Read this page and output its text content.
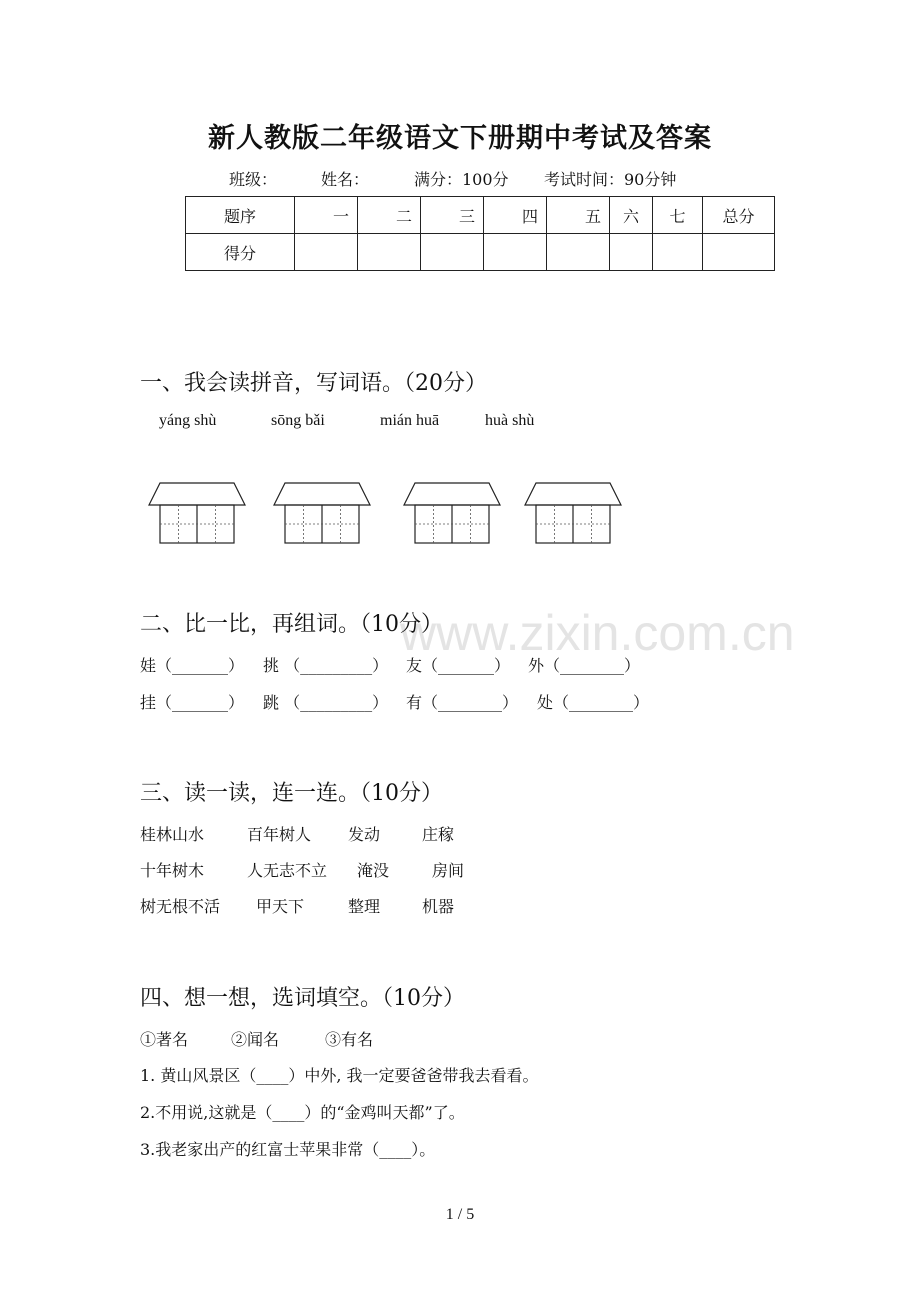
www.zixin.com.cn
新人教版二年级语文下册期中考试及答案
班级：	姓名：	满分：100分 考试时间：90分钟
题序	一	二	三	四	五	六	七	总分
得分								
一、我会读拼音，写词语。（20分）
yáng shù	sōng bǎi	mián huā	huà shù
二、比一比，再组词。（10分）
娃（_______） 挑 （_________） 友（_______） 外（________）
挂（_______） 跳 （_________） 有（________） 处（________）
三、读一读，连一连。（10分）
桂林山水	百年树人 发动	庄稼
十年树木	人无志不立 淹没	房间
树无根不活 甲天下	整理	机器
四、想一想，选词填空。（10分）
①著名	②闻名	③有名
1. 黄山风景区（____）中外, 我一定要爸爸带我去看看。
2.不用说,这就是（____）的“金鸡叫天都”了。
3.我老家出产的红富士苹果非常（____）。
1 / 5
